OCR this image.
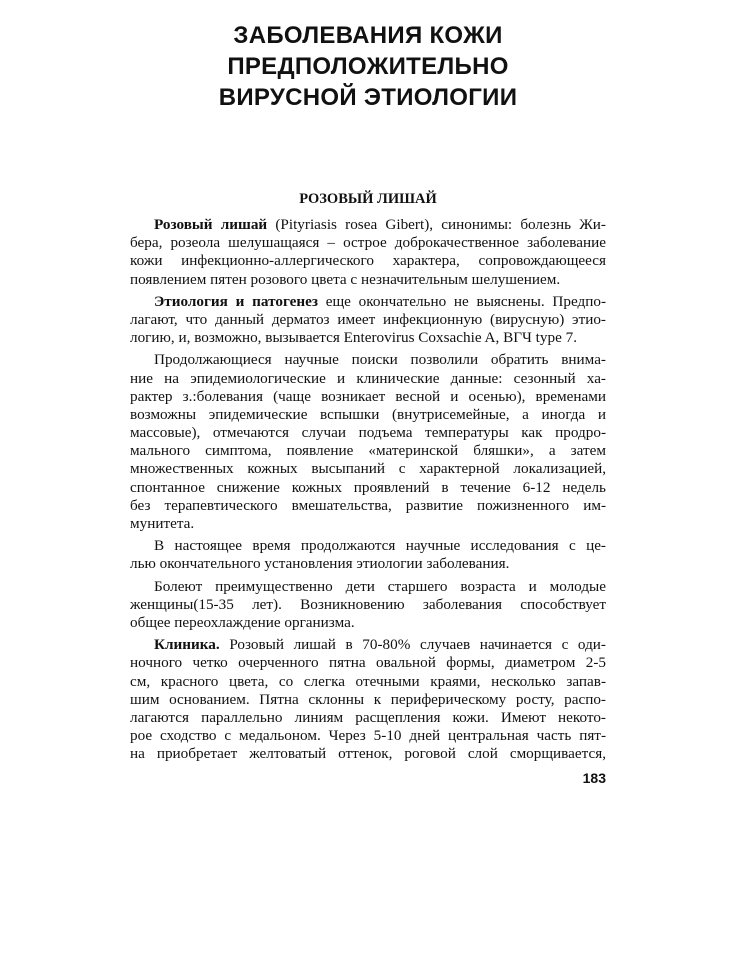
ЗАБОЛЕВАНИЯ КОЖИ
ПРЕДПОЛОЖИТЕЛЬНО
ВИРУСНОЙ ЭТИОЛОГИИ
РОЗОВЫЙ ЛИШАЙ
Розовый лишай (Pityriasis rosea Gibert), синонимы: болезнь Жи-
бера, розеола шелушащаяся – острое доброкачественное заболевание
кожи инфекционно-аллергического характера, сопровождающееся
появлением пятен розового цвета с незначительным шелушением.
Этиология и патогенез еще окончательно не выяснены. Предпо-
лагают, что данный дерматоз имеет инфекционную (вирусную) этио-
логию, и, возможно, вызывается Enterovirus Coxsachie A, ВГЧ type 7.
Продолжающиеся научные поиски позволили обратить внима-
ние на эпидемиологические и клинические данные: сезонный ха-
рактер з.:болевания (чаще возникает весной и осенью), временами
возможны эпидемические вспышки (внутрисемейные, а иногда и
массовые), отмечаются случаи подъема температуры как продро-
мального симптома, появление «материнской бляшки», а затем
множественных кожных высыпаний с характерной локализацией,
спонтанное снижение кожных проявлений в течение 6-12 недель
без терапевтического вмешательства, развитие пожизненного им-
мунитета.
В настоящее время продолжаются научные исследования с це-
лью окончательного установления этиологии заболевания.
Болеют преимущественно дети старшего возраста и молодые
женщины(15-35 лет). Возникновению заболевания способствует
общее переохлаждение организма.
Клиника. Розовый лишай в 70-80% случаев начинается с оди-
ночного четко очерченного пятна овальной формы, диаметром 2-5
см, красного цвета, со слегка отечными краями, несколько запав-
шим основанием. Пятна склонны к периферическому росту, распо-
лагаются параллельно линиям расщепления кожи. Имеют некото-
рое сходство с медальоном. Через 5-10 дней центральная часть пят-
на приобретает желтоватый оттенок, роговой слой сморщивается,
183
